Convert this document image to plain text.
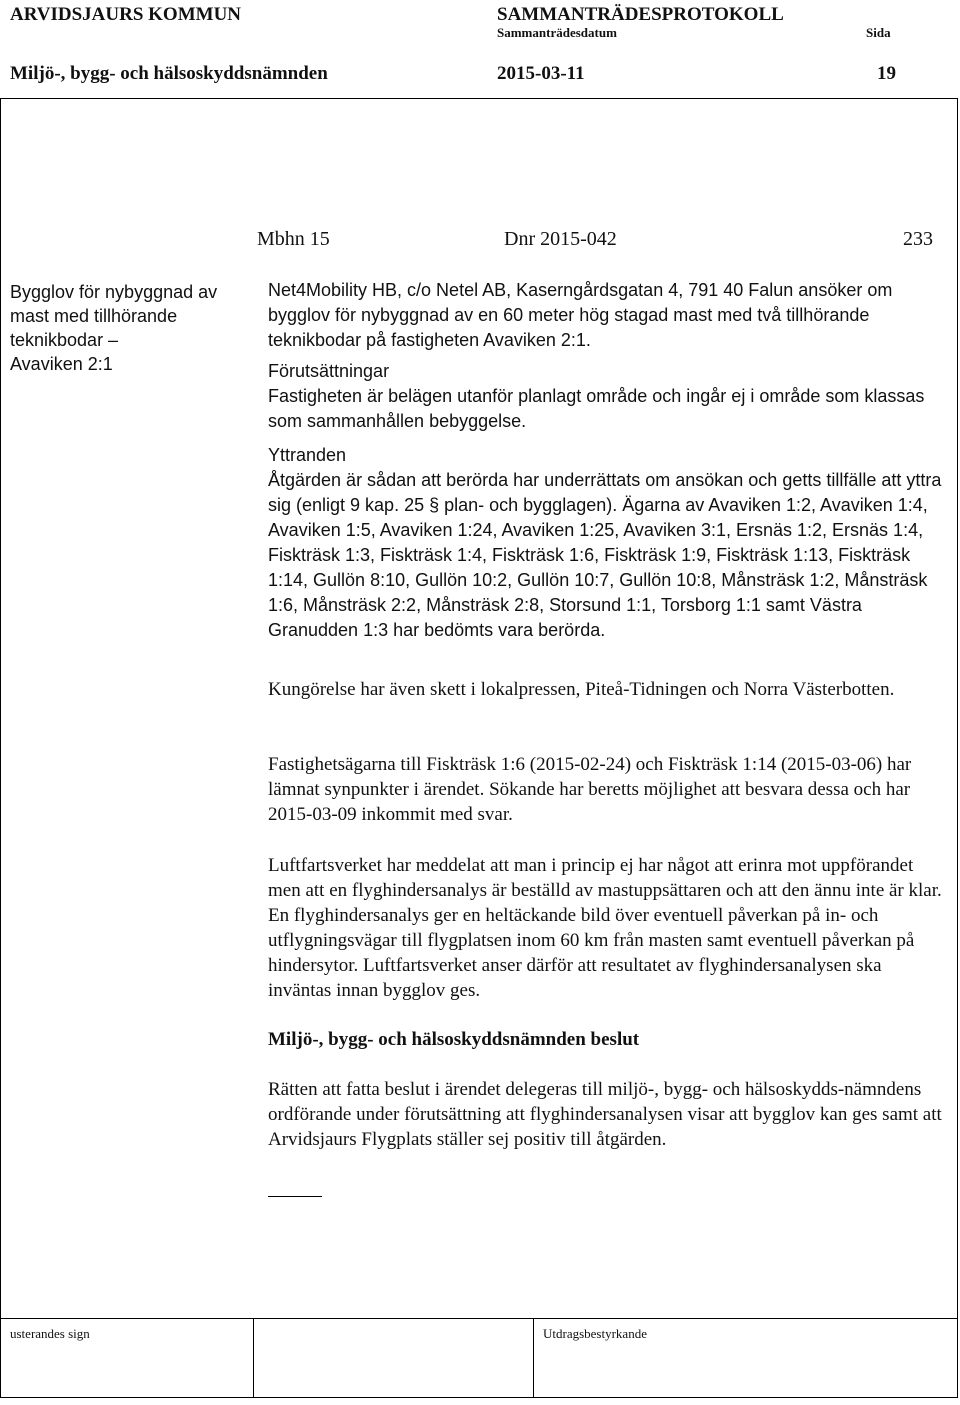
ARVIDSJAURS KOMMUN	SAMMANTRÄDESPROTOKOLL
Sammanträdesdatum	Sida
Miljö-, bygg- och hälsoskyddsnämnden	2015-03-11	19
Mbhn 15	Dnr 2015-042	233
Bygglov för nybyggnad av
mast med tillhörande
teknikbodar –
Avaviken 2:1

Net4Mobility HB, c/o Netel AB, Kaserngårdsgatan 4, 791 40 Falun ansöker om bygglov för nybyggnad av en 60 meter hög stagad mast med två tillhörande teknikbodar på fastigheten Avaviken 2:1.

Förutsättningar

Fastigheten är belägen utanför planlagt område och ingår ej i område som klassas som sammanhållen bebyggelse.

Yttranden

Åtgärden är sådan att berörda har underrättats om ansökan och getts tillfälle att yttra sig (enligt 9 kap. 25 § plan- och bygglagen). Ägarna av Avaviken 1:2, Avaviken 1:4, Avaviken 1:5, Avaviken 1:24, Avaviken 1:25, Avaviken 3:1, Ersnäs 1:2, Ersnäs 1:4, Fiskträsk 1:3, Fiskträsk 1:4, Fiskträsk 1:6, Fiskträsk 1:9, Fiskträsk 1:13, Fiskträsk 1:14, Gullön 8:10, Gullön 10:2, Gullön 10:7, Gullön 10:8, Månsträsk 1:2, Månsträsk 1:6, Månsträsk 2:2, Månsträsk 2:8, Storsund 1:1, Torsborg 1:1 samt Västra Granudden 1:3 har bedömts vara berörda.

Kungörelse har även skett i lokalpressen, Piteå-Tidningen och Norra Västerbotten.

Fastighetsägarna till Fiskträsk 1:6 (2015-02-24) och Fiskträsk 1:14 (2015-03-06) har lämnat synpunkter i ärendet. Sökande har beretts möjlighet att besvara dessa och har 2015-03-09 inkommit med svar.

Luftfartsverket har meddelat att man i princip ej har något att erinra mot uppförandet men att en flyghindersanalys är beställd av mastuppsättaren och att den ännu inte är klar. En flyghindersanalys ger en heltäckande bild över eventuell påverkan på in- och utflygningsvägar till flygplatsen inom 60 km från masten samt eventuell påverkan på hindersytor. Luftfartsverket anser därför att resultatet av flyghindersanalysen ska inväntas innan bygglov ges.

Miljö-, bygg- och hälsoskyddsnämnden beslut

Rätten att fatta beslut i ärendet delegeras till miljö-, bygg- och hälsoskydds-nämndens ordförande under förutsättning att flyghindersanalysen visar att bygglov kan ges samt att Arvidsjaurs Flygplats ställer sej positiv till åtgärden.

usterandes sign	Utdragsbestyrkande
